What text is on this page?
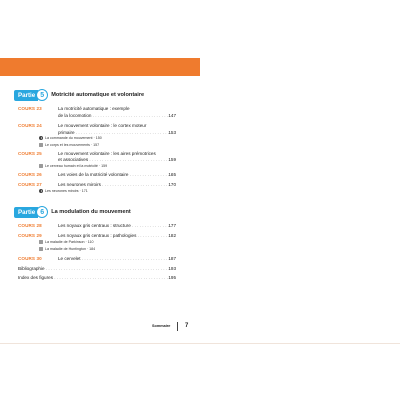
Partie 5	Motricité automatique et volontaire
COURS 23	La motricité automatique : exemple
de la locomotion . . .	147
COURS 24	Le mouvement volontaire : le cortex moteur
primaire . . .	153
La commande du mouvement · 150
Le corps et les mouvements · 157
COURS 25	Le mouvement volontaire : les aires prémotrices
et associatives . . .	159
Le cerveau humain et la motricité · 159
COURS 26	Les voies de la motricité volontaire . . .	165
COURS 27	Les neurones miroirs . . .	170
Les neurones miroirs · 171
Partie 6	La modulation du mouvement
COURS 28	Les noyaux gris centraux : structure . . .	177
COURS 29	Les noyaux gris centraux : pathologies . . .	182
La maladie de Parkinson · 110
La maladie de Huntington · 184
COURS 30	Le cervelet . . .	187
Bibliographie . . .	193
Index des figures . . .	195
Sommaire 7
